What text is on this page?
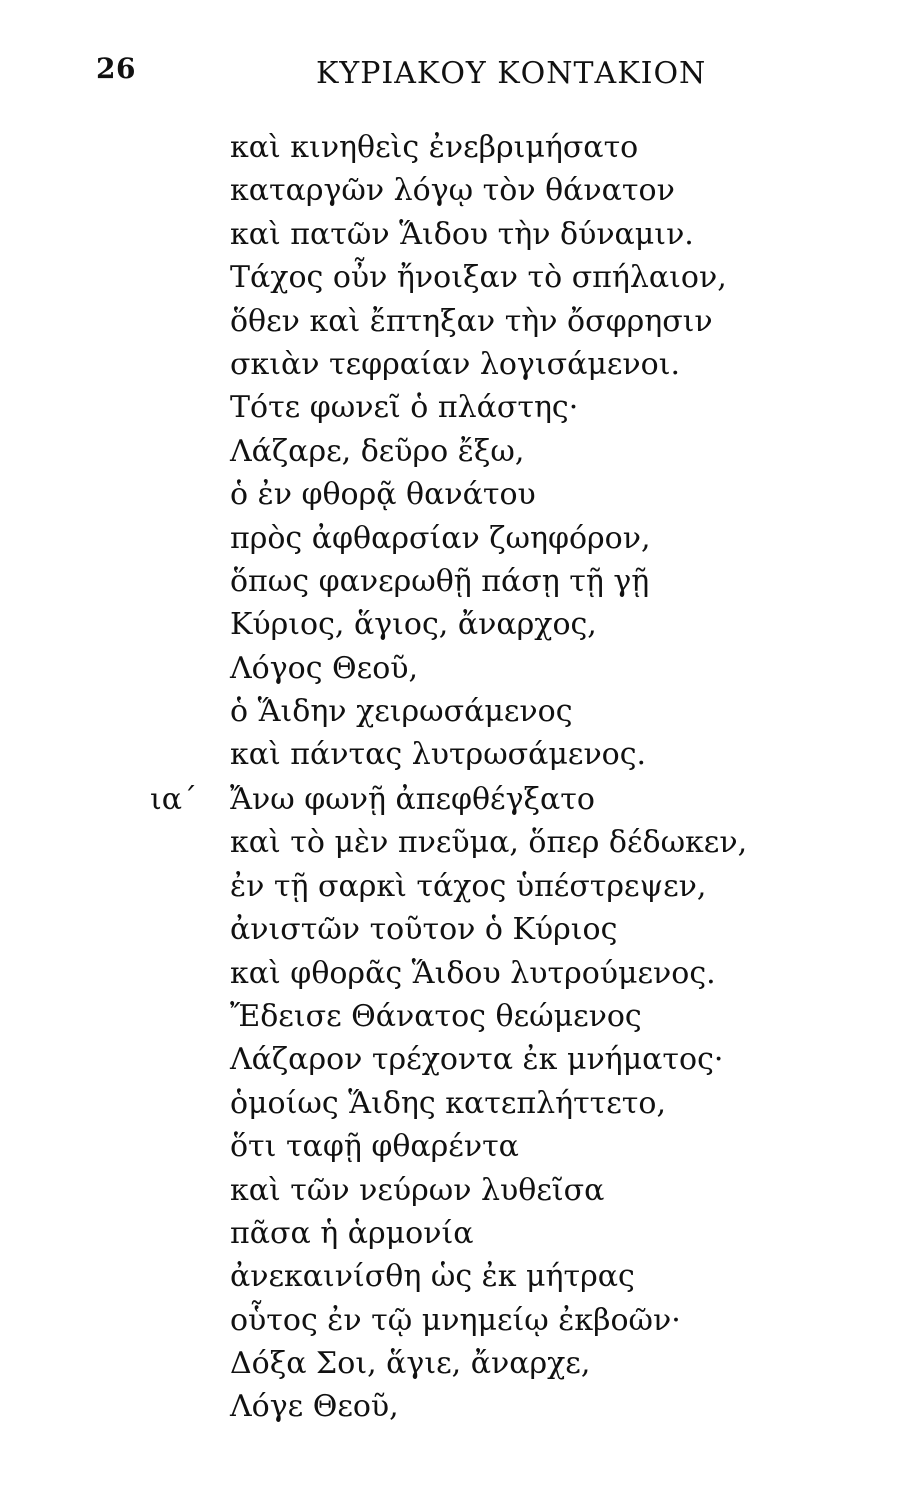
26	ΚΥΡΙΑΚΟΥ ΚΟΝΤΑΚΙΟΝ
καὶ κινηθεὶς ἐνεβριμήσατο
καταργῶν λόγῳ τὸν θάνατον
καὶ πατῶν Ἅιδου τὴν δύναμιν.
Τάχος οὖν ἤνοιξαν τὸ σπήλαιον,
ὅθεν καὶ ἔπτηξαν τὴν ὄσφρησιν
σκιὰν τεφραίαν λογισάμενοι.
Τότε φωνεῖ ὁ πλάστης·
Λάζαρε, δεῦρο ἔξω,
ὁ ἐν φθορᾷ θανάτου
πρὸς ἀφθαρσίαν ζωηφόρον,
ὅπως φανερωθῇ πάσῃ τῇ γῇ
Κύριος, ἅγιος, ἄναρχος,
Λόγος Θεοῦ,
ὁ Ἅιδην χειρωσάμενος
καὶ πάντας λυτρωσάμενος.
ια΄ Ἄνω φωνῇ ἀπεφθέγξατο
καὶ τὸ μὲν πνεῦμα, ὅπερ δέδωκεν,
ἐν τῇ σαρκὶ τάχος ὑπέστρεψεν,
ἀνιστῶν τοῦτον ὁ Κύριος
καὶ φθορᾶς Ἅιδου λυτρούμενος.
Ἔδεισε Θάνατος θεώμενος
Λάζαρον τρέχοντα ἐκ μνήματος·
ὁμοίως Ἅιδης κατεπλήττετο,
ὅτι ταφῇ φθαρέντα
καὶ τῶν νεύρων λυθεῖσα
πᾶσα ἡ ἁρμονία
ἀνεκαινίσθη ὡς ἐκ μήτρας
οὗτος ἐν τῷ μνημείῳ ἐκβοῶν·
Δόξα Σοι, ἅγιε, ἄναρχε,
Λόγε Θεοῦ,
